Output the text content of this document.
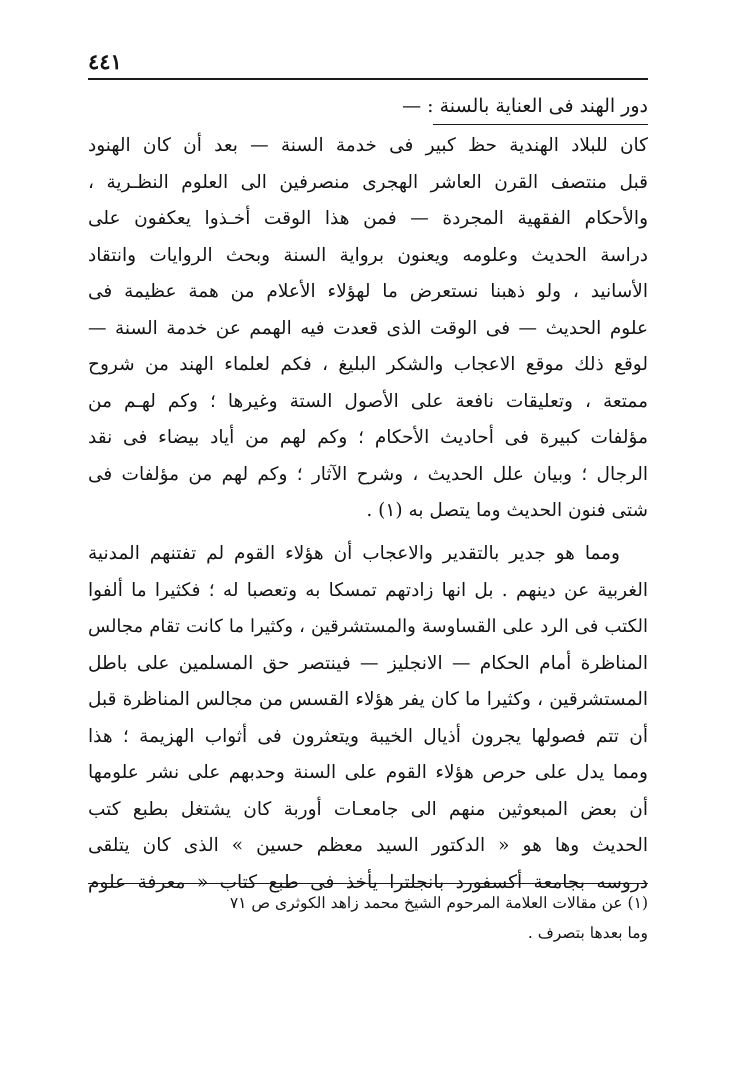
٤٤١
دور الهند فى العناية بالسنة : —
كان للبلاد الهندية حظ كبير فى خدمة السنة — بعد أن كان الهنود
قبل منتصف القرن العاشر الهجرى منصرفين الى العلوم النظـرية ،
والأحكام الفقهية المجردة — فمن هذا الوقت أخـذوا يعكفون على
دراسة الحديث وعلومه ويعنون برواية السنة وبحث الروايات وانتقاد
الأسانيد ، ولو ذهبنا نستعرض ما لهؤلاء الأعلام من همة عظيمة فى
علوم الحديث — فى الوقت الذى قعدت فيه الهمم عن خدمة السنة —
لوقع ذلك موقع الاعجاب والشكر البليغ ، فكم لعلماء الهند من شروح
ممتعة ، وتعليقات نافعة على الأصول الستة وغيرها ؛ وكم لهـم من
مؤلفات كبيرة فى أحاديث الأحكام ؛ وكم لهم من أياد بيضاء فى نقد
الرجال ؛ وبيان علل الحديث ، وشرح الآثار ؛ وكم لهم من مؤلفات فى
شتى فنون الحديث وما يتصل به (١) .
ومما هو جدير بالتقدير والاعجاب أن هؤلاء القوم لم تفتنهم المدنية
الغربية عن دينهم . بل انها زادتهم تمسكا به وتعصبا له ؛ فكثيرا ما ألفوا
الكتب فى الرد على القساوسة والمستشرقين ، وكثيرا ما كانت تقام مجالس
المناظرة أمام الحكام — الانجليز — فينتصر حق المسلمين على باطل
المستشرقين ، وكثيرا ما كان يفر هؤلاء القسس من مجالس المناظرة قبل
أن تتم فصولها يجرون أذيال الخيبة ويتعثرون فى أثواب الهزيمة ؛ هذا
ومما يدل على حرص هؤلاء القوم على السنة وحدبهم على نشر علومها
أن بعض المبعوثين منهم الى جامعـات أوربة كان يشتغل بطبع كتب
الحديث وها هو « الدكتور السيد معظم حسين » الذى كان يتلقى
دروسه بجامعة أكسفورد بانجلترا يأخذ فى طبع كتاب « معرفة علوم
(١) عن مقالات العلامة المرحوم الشيخ محمد زاهد الكوثرى ص ٧١
وما بعدها بتصرف .
